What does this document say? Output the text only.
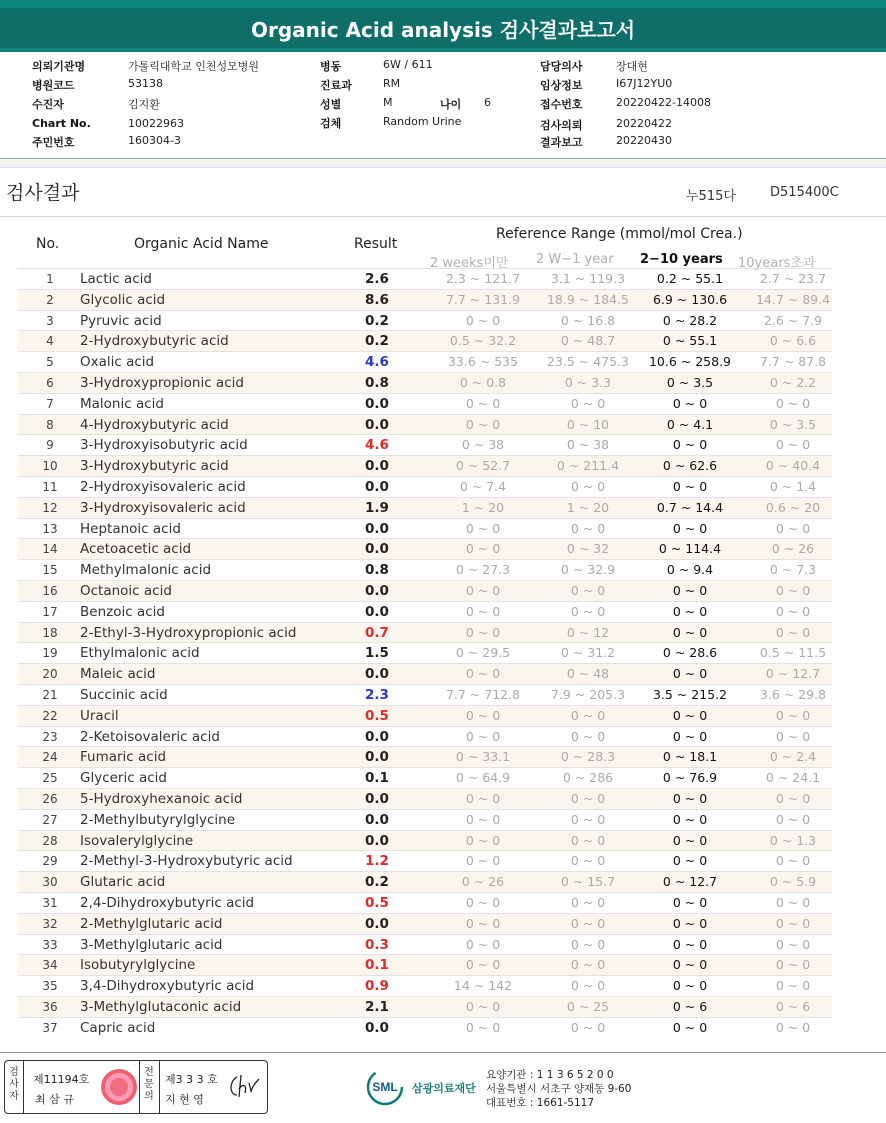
Organic Acid analysis 검사결과보고서
의뢰기관명	가톨릭대학교 인천성모병원
병원코드	53138
수진자	김지환
Chart No.	10022963
주민번호	160304-3
병동	6W / 611
진료과	RM
성별	M	나이 6
검체	Random Urine
담당의사	장대현
임상정보	I67J12YU0
접수번호	20220422-14008
검사의뢰	20220422
결과보고	20220430
검사결과	누515다	D515400C
No.	Organic Acid Name	Result
Reference Range (mmol/mol Crea.)
2 weeks미만 2 W−1 year 2−10 years 10years초과
1	Lactic acid	2.6	2.3 ~ 121.7	3.1 ~ 119.3	0.2 ~ 55.1	2.7 ~ 23.7
2	Glycolic acid	8.6	7.7 ~ 131.9	18.9 ~ 184.5	6.9 ~ 130.6	14.7 ~ 89.4
3	Pyruvic acid	0.2	0 ~ 0	0 ~ 16.8	0 ~ 28.2	2.6 ~ 7.9
4	2-Hydroxybutyric acid	0.2	0.5 ~ 32.2	0 ~ 48.7	0 ~ 55.1	0 ~ 6.6
5	Oxalic acid	4.6	33.6 ~ 535	23.5 ~ 475.3	10.6 ~ 258.9	7.7 ~ 87.8
6	3-Hydroxypropionic acid	0.8	0 ~ 0.8	0 ~ 3.3	0 ~ 3.5	0 ~ 2.2
7	Malonic acid	0.0	0 ~ 0	0 ~ 0	0 ~ 0	0 ~ 0
8	4-Hydroxybutyric acid	0.0	0 ~ 0	0 ~ 10	0 ~ 4.1	0 ~ 3.5
9	3-Hydroxyisobutyric acid	4.6	0 ~ 38	0 ~ 38	0 ~ 0	0 ~ 0
10	3-Hydroxybutyric acid	0.0	0 ~ 52.7	0 ~ 211.4	0 ~ 62.6	0 ~ 40.4
11	2-Hydroxyisovaleric acid	0.0	0 ~ 7.4	0 ~ 0	0 ~ 0	0 ~ 1.4
12	3-Hydroxyisovaleric acid	1.9	1 ~ 20	1 ~ 20	0.7 ~ 14.4	0.6 ~ 20
13	Heptanoic acid	0.0	0 ~ 0	0 ~ 0	0 ~ 0	0 ~ 0
14	Acetoacetic acid	0.0	0 ~ 0	0 ~ 32	0 ~ 114.4	0 ~ 26
15	Methylmalonic acid	0.8	0 ~ 27.3	0 ~ 32.9	0 ~ 9.4	0 ~ 7.3
16	Octanoic acid	0.0	0 ~ 0	0 ~ 0	0 ~ 0	0 ~ 0
17	Benzoic acid	0.0	0 ~ 0	0 ~ 0	0 ~ 0	0 ~ 0
18	2-Ethyl-3-Hydroxypropionic acid	0.7	0 ~ 0	0 ~ 12	0 ~ 0	0 ~ 0
19	Ethylmalonic acid	1.5	0 ~ 29.5	0 ~ 31.2	0 ~ 28.6	0.5 ~ 11.5
20	Maleic acid	0.0	0 ~ 0	0 ~ 48	0 ~ 0	0 ~ 12.7
21	Succinic acid	2.3	7.7 ~ 712.8	7.9 ~ 205.3	3.5 ~ 215.2	3.6 ~ 29.8
22	Uracil	0.5	0 ~ 0	0 ~ 0	0 ~ 0	0 ~ 0
23	2-Ketoisovaleric acid	0.0	0 ~ 0	0 ~ 0	0 ~ 0	0 ~ 0
24	Fumaric acid	0.0	0 ~ 33.1	0 ~ 28.3	0 ~ 18.1	0 ~ 2.4
25	Glyceric acid	0.1	0 ~ 64.9	0 ~ 286	0 ~ 76.9	0 ~ 24.1
26	5-Hydroxyhexanoic acid	0.0	0 ~ 0	0 ~ 0	0 ~ 0	0 ~ 0
27	2-Methylbutyrylglycine	0.0	0 ~ 0	0 ~ 0	0 ~ 0	0 ~ 0
28	Isovalerylglycine	0.0	0 ~ 0	0 ~ 0	0 ~ 0	0 ~ 1.3
29	2-Methyl-3-Hydroxybutyric acid	1.2	0 ~ 0	0 ~ 0	0 ~ 0	0 ~ 0
30	Glutaric acid	0.2	0 ~ 26	0 ~ 15.7	0 ~ 12.7	0 ~ 5.9
31	2,4-Dihydroxybutyric acid	0.5	0 ~ 0	0 ~ 0	0 ~ 0	0 ~ 0
32	2-Methylglutaric acid	0.0	0 ~ 0	0 ~ 0	0 ~ 0	0 ~ 0
33	3-Methylglutaric acid	0.3	0 ~ 0	0 ~ 0	0 ~ 0	0 ~ 0
34	Isobutyrylglycine	0.1	0 ~ 0	0 ~ 0	0 ~ 0	0 ~ 0
35	3,4-Dihydroxybutyric acid	0.9	14 ~ 142	0 ~ 0	0 ~ 0	0 ~ 0
36	3-Methylglutaconic acid	2.1	0 ~ 0	0 ~ 25	0 ~ 6	0 ~ 6
37	Capric acid	0.0	0 ~ 0	0 ~ 0	0 ~ 0	0 ~ 0
검사자
제11194호
최 삼 규
전문의
제3 3 3 호
지 현 영
SML 삼광의료재단
요양기관 : 1 1 3 6 5 2 0 0
서울특별시 서초구 양재동 9-60
대표번호 : 1661-5117
